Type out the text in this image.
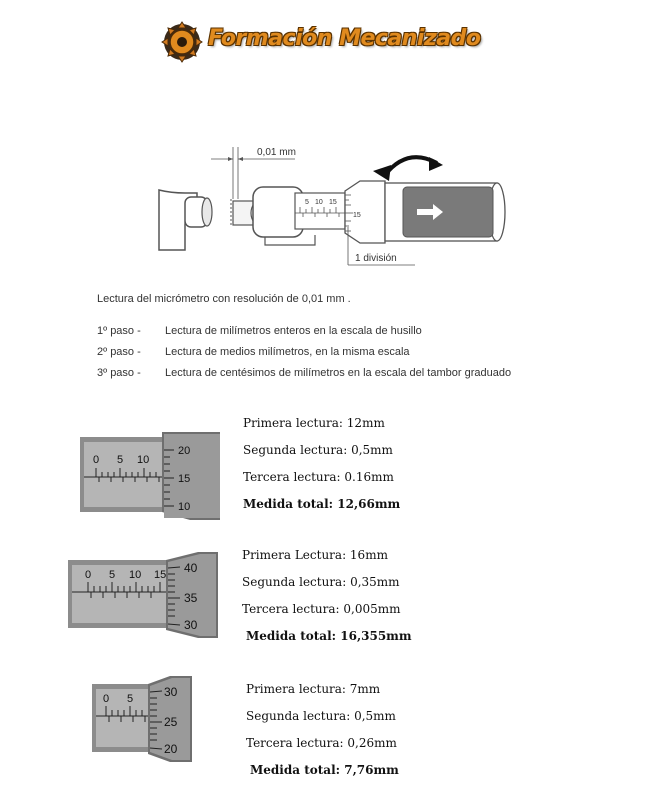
Formación Mecanizado
0,01 mm
5 10 15
15
1 división
Lectura del micrómetro con resolución de 0,01 mm .
1º paso -	Lectura de milímetros enteros en la escala de husillo
2º paso -	Lectura de medios milímetros, en la misma escala
3º paso -	Lectura de centésimos de milímetros en la escala del tambor graduado
0 5 10
20
15
10
Primera lectura: 12mm
Segunda lectura: 0,5mm
Tercera lectura: 0.16mm
Medida total: 12,66mm
0 5 10 15 40
35
30
Primera Lectura: 16mm
Segunda lectura: 0,35mm
Tercera lectura: 0,005mm
Medida total: 16,355mm
0 5	30
25
20
Primera lectura: 7mm
Segunda lectura: 0,5mm
Tercera lectura: 0,26mm
Medida total: 7,76mm
